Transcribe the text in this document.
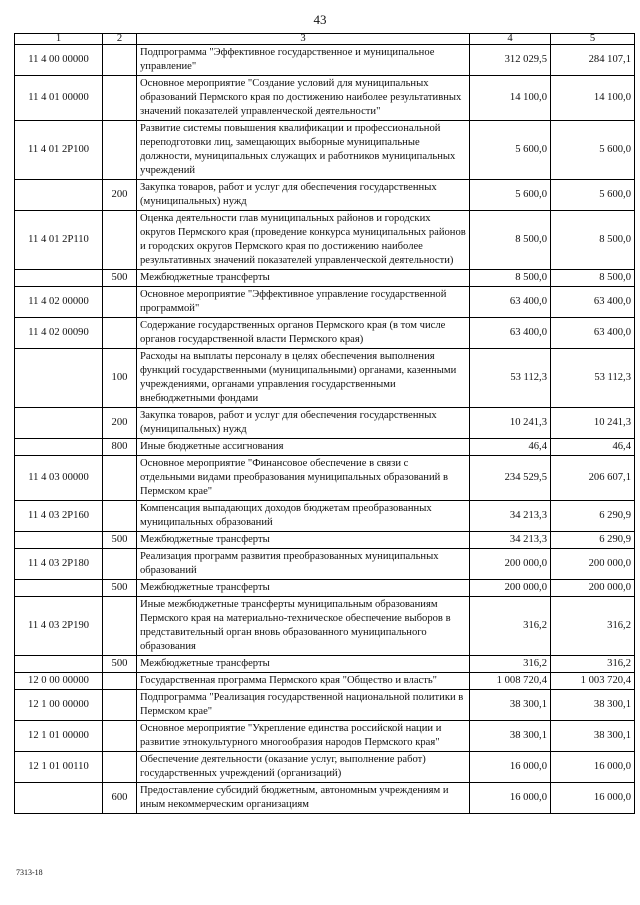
43
1	2	3	4	5
11 4 00 00000		Подпрограмма "Эффективное государственное и муниципальное управление"	312 029,5	284 107,1
11 4 01 00000		Основное мероприятие "Создание условий для муниципальных образований Пермского края по достижению наиболее результативных значений показателей управленческой деятельности"	14 100,0	14 100,0
11 4 01 2P100		Развитие системы повышения квалификации и профессиональной переподготовки лиц, замещающих выборные муниципальные должности, муниципальных служащих и работников муниципальных учреждений	5 600,0	5 600,0
	200	Закупка товаров, работ и услуг для обеспечения государственных (муниципальных) нужд	5 600,0	5 600,0
11 4 01 2P110		Оценка деятельности глав муниципальных районов и городских округов Пермского края (проведение конкурса муниципальных районов и городских округов Пермского края по достижению наиболее результативных значений показателей управленческой деятельности)	8 500,0	8 500,0
	500	Межбюджетные трансферты	8 500,0	8 500,0
11 4 02 00000		Основное мероприятие "Эффективное управление государственной программой"	63 400,0	63 400,0
11 4 02 00090		Содержание государственных органов Пермского края (в том числе органов государственной власти Пермского края)	63 400,0	63 400,0
	100	Расходы на выплаты персоналу в целях обеспечения выполнения функций государственными (муниципальными) органами, казенными учреждениями, органами управления государственными внебюджетными фондами	53 112,3	53 112,3
	200	Закупка товаров, работ и услуг для обеспечения государственных (муниципальных) нужд	10 241,3	10 241,3
	800	Иные бюджетные ассигнования	46,4	46,4
11 4 03 00000		Основное мероприятие "Финансовое обеспечение в связи с отдельными видами преобразования муниципальных образований в Пермском крае"	234 529,5	206 607,1
11 4 03 2P160		Компенсация выпадающих доходов бюджетам преобразованных муниципальных образований	34 213,3	6 290,9
	500	Межбюджетные трансферты	34 213,3	6 290,9
11 4 03 2P180		Реализация программ развития преобразованных муниципальных образований	200 000,0	200 000,0
	500	Межбюджетные трансферты	200 000,0	200 000,0
11 4 03 2P190		Иные межбюджетные трансферты муниципальным образованиям Пермского края на материально-техническое обеспечение выборов в представительный орган вновь образованного муниципального образования	316,2	316,2
	500	Межбюджетные трансферты	316,2	316,2
12 0 00 00000		Государственная программа Пермского края "Общество и власть"	1 008 720,4	1 003 720,4
12 1 00 00000		Подпрограмма "Реализация государственной национальной политики в Пермском крае"	38 300,1	38 300,1
12 1 01 00000		Основное мероприятие "Укрепление единства российской нации и развитие этнокультурного многообразия народов Пермского края"	38 300,1	38 300,1
12 1 01 00110		Обеспечение деятельности (оказание услуг, выполнение работ) государственных учреждений (организаций)	16 000,0	16 000,0
	600	Предоставление субсидий бюджетным, автономным учреждениям и иным некоммерческим организациям	16 000,0	16 000,0
7313-18
